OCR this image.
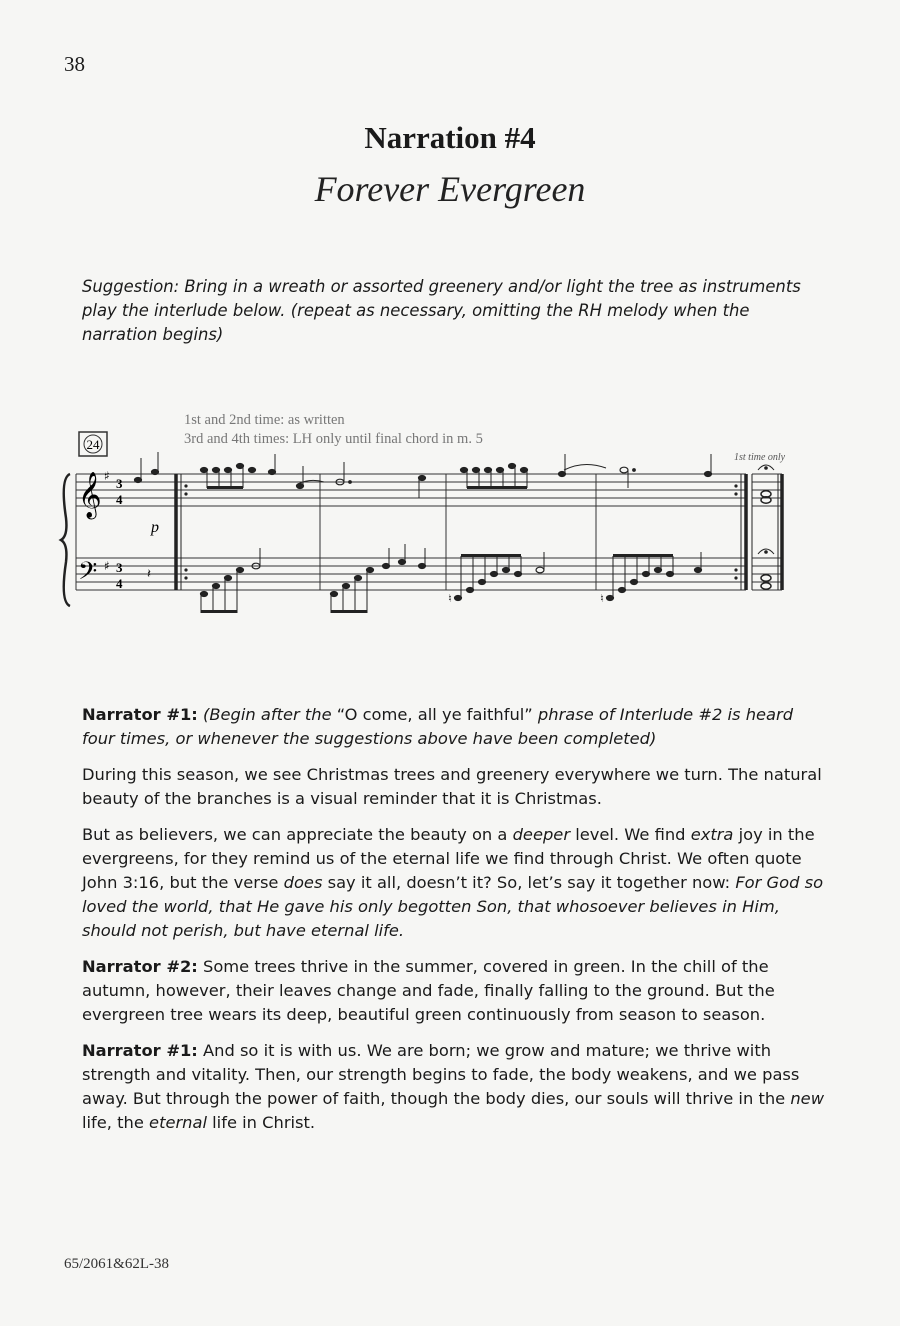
38
Narration #4
Forever Evergreen
Suggestion: Bring in a wreath or assorted greenery and/or light the tree as instruments play the interlude below. (repeat as necessary, omitting the RH melody when the narration begins)
1st and 2nd time: as written
3rd and 4th times: LH only until final chord in m. 5
24
1st time only
𝄞
𝄢
♯
♯
3
4
3
4
𝄽
p
♮	♮

Narrator #1: (Begin after the “O come, all ye faithful” phrase of Interlude #2 is heard four times, or whenever the suggestions above have been completed)

During this season, we see Christmas trees and greenery everywhere we turn. The natural beauty of the branches is a visual reminder that it is Christmas.

But as believers, we can appreciate the beauty on a deeper level. We find extra joy in the evergreens, for they remind us of the eternal life we find through Christ. We often quote John 3:16, but the verse does say it all, doesn’t it? So, let’s say it together now: For God so loved the world, that He gave his only begotten Son, that whosoever believes in Him, should not perish, but have eternal life.

Narrator #2: Some trees thrive in the summer, covered in green. In the chill of the autumn, however, their leaves change and fade, finally falling to the ground. But the evergreen tree wears its deep, beautiful green continuously from season to season.

Narrator #1: And so it is with us. We are born; we grow and mature; we thrive with strength and vitality. Then, our strength begins to fade, the body weakens, and we pass away. But through the power of faith, though the body dies, our souls will thrive in the new life, the eternal life in Christ.

65/2061&62L-38
